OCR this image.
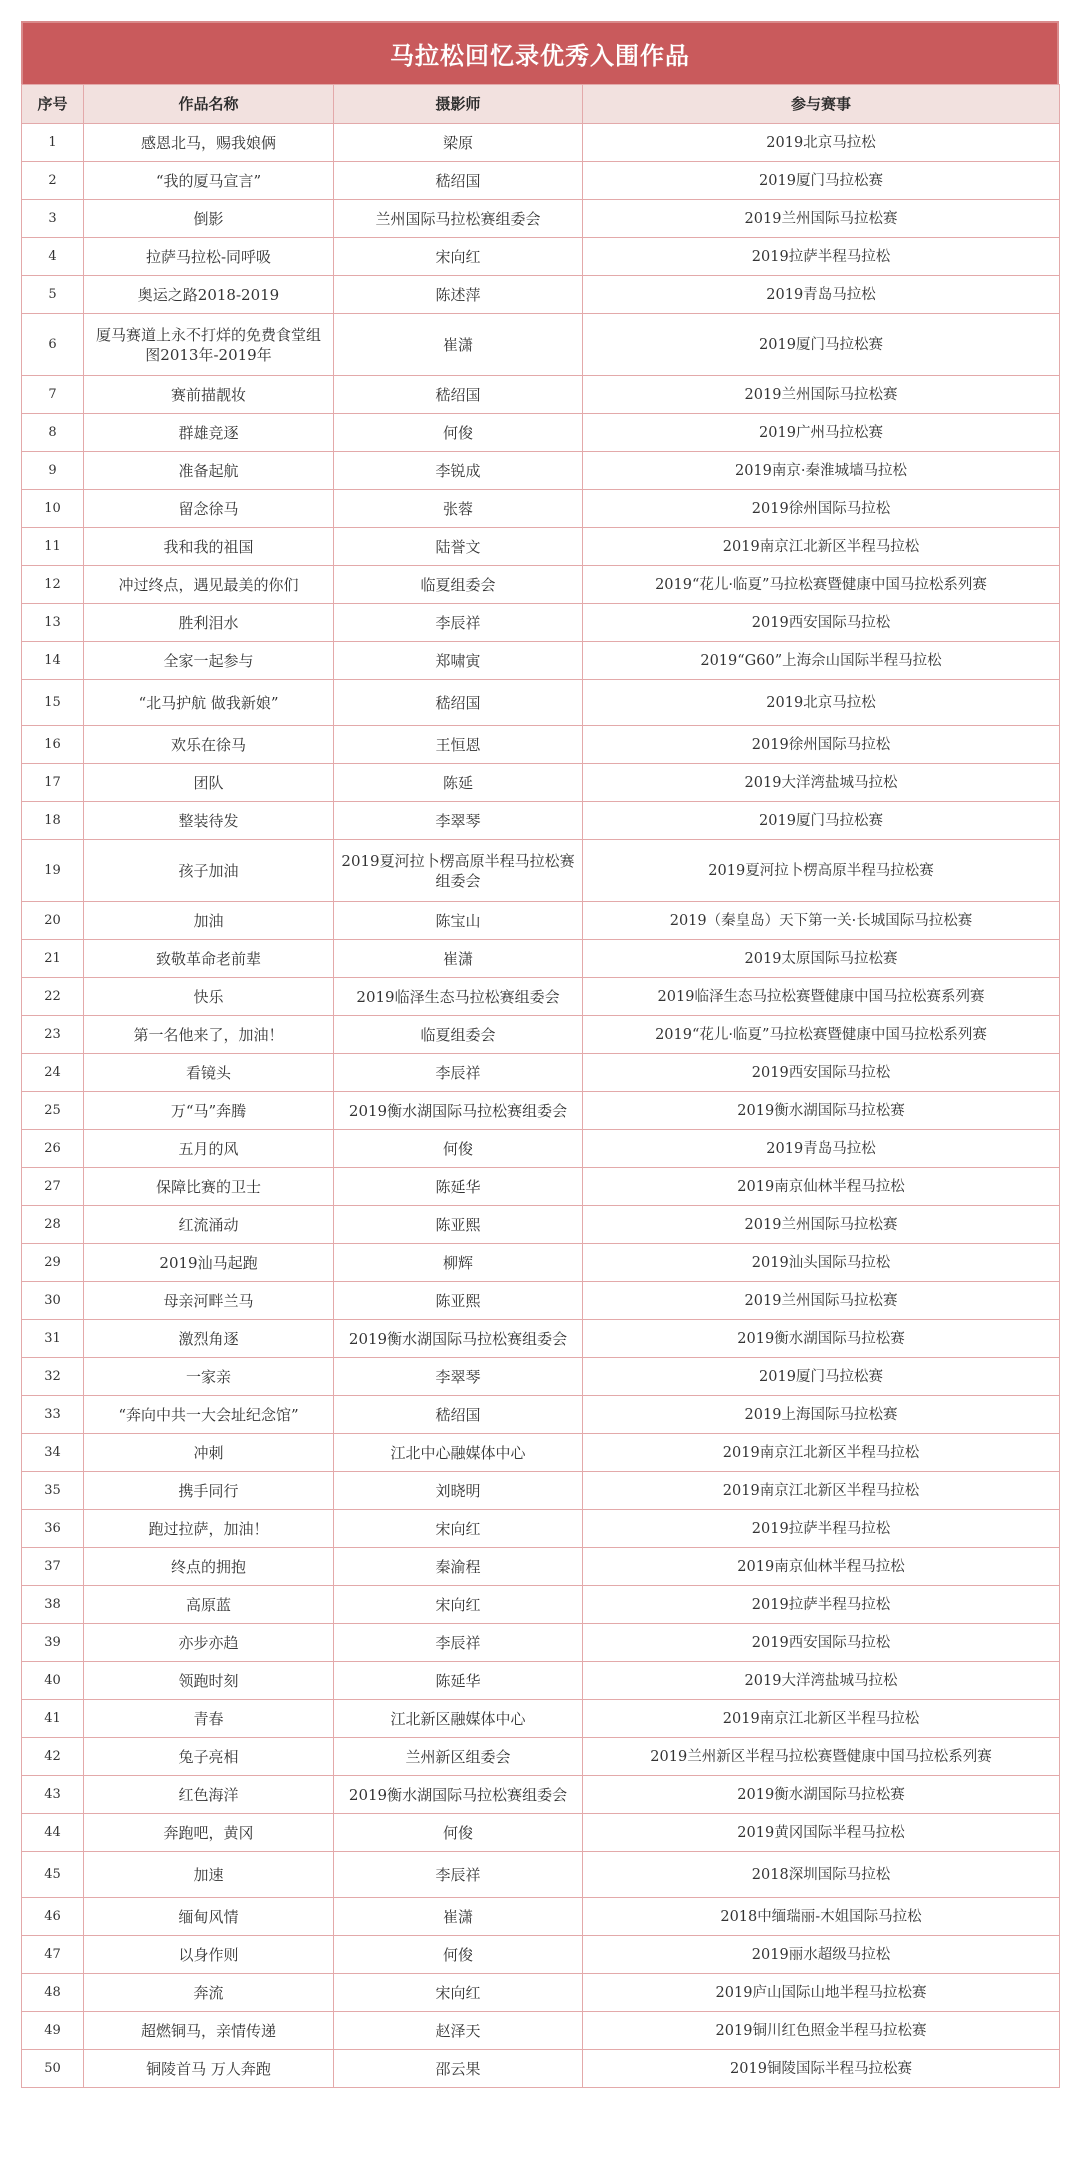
马拉松回忆录优秀入围作品
序号	作品名称	摄影师	参与赛事
1	感恩北马，赐我娘俩	梁原	2019北京马拉松
2	“我的厦马宣言”	嵇绍国	2019厦门马拉松赛
3	倒影	兰州国际马拉松赛组委会	2019兰州国际马拉松赛
4	拉萨马拉松-同呼吸	宋向红	2019拉萨半程马拉松
5	奥运之路2018-2019	陈述萍	2019青岛马拉松
6	厦马赛道上永不打烊的免费食堂组图2013年-2019年	崔潇	2019厦门马拉松赛
7	赛前描靓妆	嵇绍国	2019兰州国际马拉松赛
8	群雄竞逐	何俊	2019广州马拉松赛
9	准备起航	李锐成	2019南京·秦淮城墙马拉松
10	留念徐马	张蓉	2019徐州国际马拉松
11	我和我的祖国	陆誉文	2019南京江北新区半程马拉松
12	冲过终点，遇见最美的你们	临夏组委会	2019“花儿·临夏”马拉松赛暨健康中国马拉松系列赛
13	胜利泪水	李辰祥	2019西安国际马拉松
14	全家一起参与	郑啸寅	2019“G60”上海佘山国际半程马拉松
15	“北马护航 做我新娘”	嵇绍国	2019北京马拉松
16	欢乐在徐马	王恒恩	2019徐州国际马拉松
17	团队	陈延	2019大洋湾盐城马拉松
18	整装待发	李翠琴	2019厦门马拉松赛
19	孩子加油	2019夏河拉卜楞高原半程马拉松赛组委会	2019夏河拉卜楞高原半程马拉松赛
20	加油	陈宝山	2019（秦皇岛）天下第一关·长城国际马拉松赛
21	致敬革命老前辈	崔潇	2019太原国际马拉松赛
22	快乐	2019临泽生态马拉松赛组委会	2019临泽生态马拉松赛暨健康中国马拉松赛系列赛
23	第一名他来了，加油！	临夏组委会	2019“花儿·临夏”马拉松赛暨健康中国马拉松系列赛
24	看镜头	李辰祥	2019西安国际马拉松
25	万“马”奔腾	2019衡水湖国际马拉松赛组委会	2019衡水湖国际马拉松赛
26	五月的风	何俊	2019青岛马拉松
27	保障比赛的卫士	陈延华	2019南京仙林半程马拉松
28	红流涌动	陈亚熙	2019兰州国际马拉松赛
29	2019汕马起跑	柳辉	2019汕头国际马拉松
30	母亲河畔兰马	陈亚熙	2019兰州国际马拉松赛
31	激烈角逐	2019衡水湖国际马拉松赛组委会	2019衡水湖国际马拉松赛
32	一家亲	李翠琴	2019厦门马拉松赛
33	“奔向中共一大会址纪念馆”	嵇绍国	2019上海国际马拉松赛
34	冲刺	江北中心融媒体中心	2019南京江北新区半程马拉松
35	携手同行	刘晓明	2019南京江北新区半程马拉松
36	跑过拉萨，加油！	宋向红	2019拉萨半程马拉松
37	终点的拥抱	秦渝程	2019南京仙林半程马拉松
38	高原蓝	宋向红	2019拉萨半程马拉松
39	亦步亦趋	李辰祥	2019西安国际马拉松
40	领跑时刻	陈延华	2019大洋湾盐城马拉松
41	青春	江北新区融媒体中心	2019南京江北新区半程马拉松
42	兔子亮相	兰州新区组委会	2019兰州新区半程马拉松赛暨健康中国马拉松系列赛
43	红色海洋	2019衡水湖国际马拉松赛组委会	2019衡水湖国际马拉松赛
44	奔跑吧，黄冈	何俊	2019黄冈国际半程马拉松
45	加速	李辰祥	2018深圳国际马拉松
46	缅甸风情	崔潇	2018中缅瑞丽-木姐国际马拉松
47	以身作则	何俊	2019丽水超级马拉松
48	奔流	宋向红	2019庐山国际山地半程马拉松赛
49	超燃铜马，亲情传递	赵泽天	2019铜川红色照金半程马拉松赛
50	铜陵首马 万人奔跑	邵云果	2019铜陵国际半程马拉松赛
